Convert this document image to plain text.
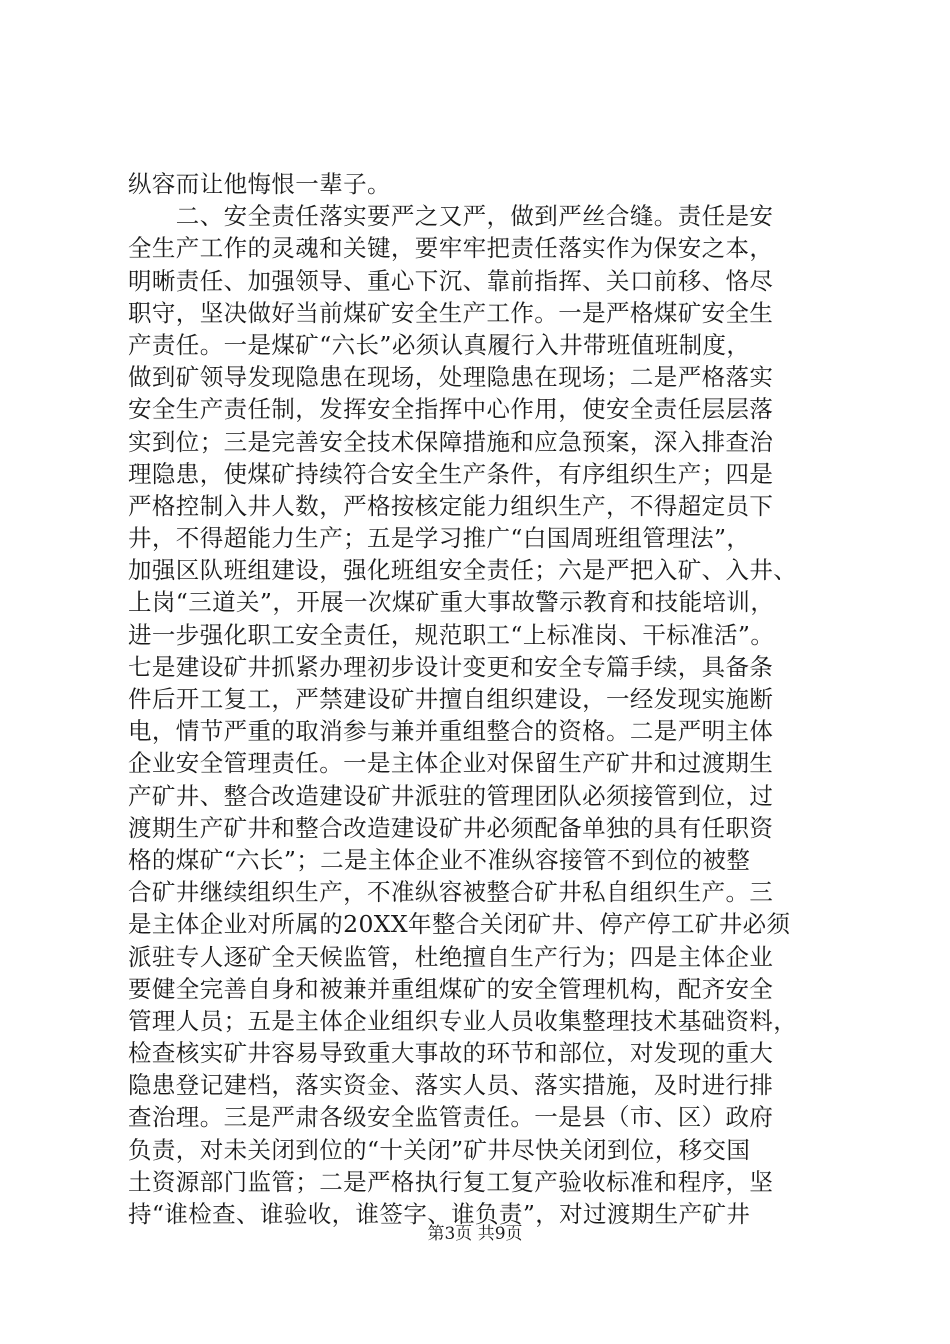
纵容而让他悔恨一辈子。
　　二、安全责任落实要严之又严，做到严丝合缝。责任是安
全生产工作的灵魂和关键，要牢牢把责任落实作为保安之本，
明晰责任、加强领导、重心下沉、靠前指挥、关口前移、恪尽
职守，坚决做好当前煤矿安全生产工作。一是严格煤矿安全生
产责任。一是煤矿“六长”必须认真履行入井带班值班制度，
做到矿领导发现隐患在现场，处理隐患在现场；二是严格落实
安全生产责任制，发挥安全指挥中心作用，使安全责任层层落
实到位；三是完善安全技术保障措施和应急预案，深入排查治
理隐患，使煤矿持续符合安全生产条件，有序组织生产；四是
严格控制入井人数，严格按核定能力组织生产，不得超定员下
井，不得超能力生产；五是学习推广“白国周班组管理法”，
加强区队班组建设，强化班组安全责任；六是严把入矿、入井、
上岗“三道关”，开展一次煤矿重大事故警示教育和技能培训，
进一步强化职工安全责任，规范职工“上标准岗、干标准活”。
七是建设矿井抓紧办理初步设计变更和安全专篇手续，具备条
件后开工复工，严禁建设矿井擅自组织建设，一经发现实施断
电，情节严重的取消参与兼并重组整合的资格。二是严明主体
企业安全管理责任。一是主体企业对保留生产矿井和过渡期生
产矿井、整合改造建设矿井派驻的管理团队必须接管到位，过
渡期生产矿井和整合改造建设矿井必须配备单独的具有任职资
格的煤矿“六长”；二是主体企业不准纵容接管不到位的被整
合矿井继续组织生产，不准纵容被整合矿井私自组织生产。三
是主体企业对所属的20XX年整合关闭矿井、停产停工矿井必须
派驻专人逐矿全天候监管，杜绝擅自生产行为；四是主体企业
要健全完善自身和被兼并重组煤矿的安全管理机构，配齐安全
管理人员；五是主体企业组织专业人员收集整理技术基础资料，
检查核实矿井容易导致重大事故的环节和部位，对发现的重大
隐患登记建档，落实资金、落实人员、落实措施，及时进行排
查治理。三是严肃各级安全监管责任。一是县（市、区）政府
负责，对未关闭到位的“十关闭”矿井尽快关闭到位，移交国
土资源部门监管；二是严格执行复工复产验收标准和程序，坚
持“谁检查、谁验收，谁签字、谁负责”，对过渡期生产矿井
第3页 共9页
